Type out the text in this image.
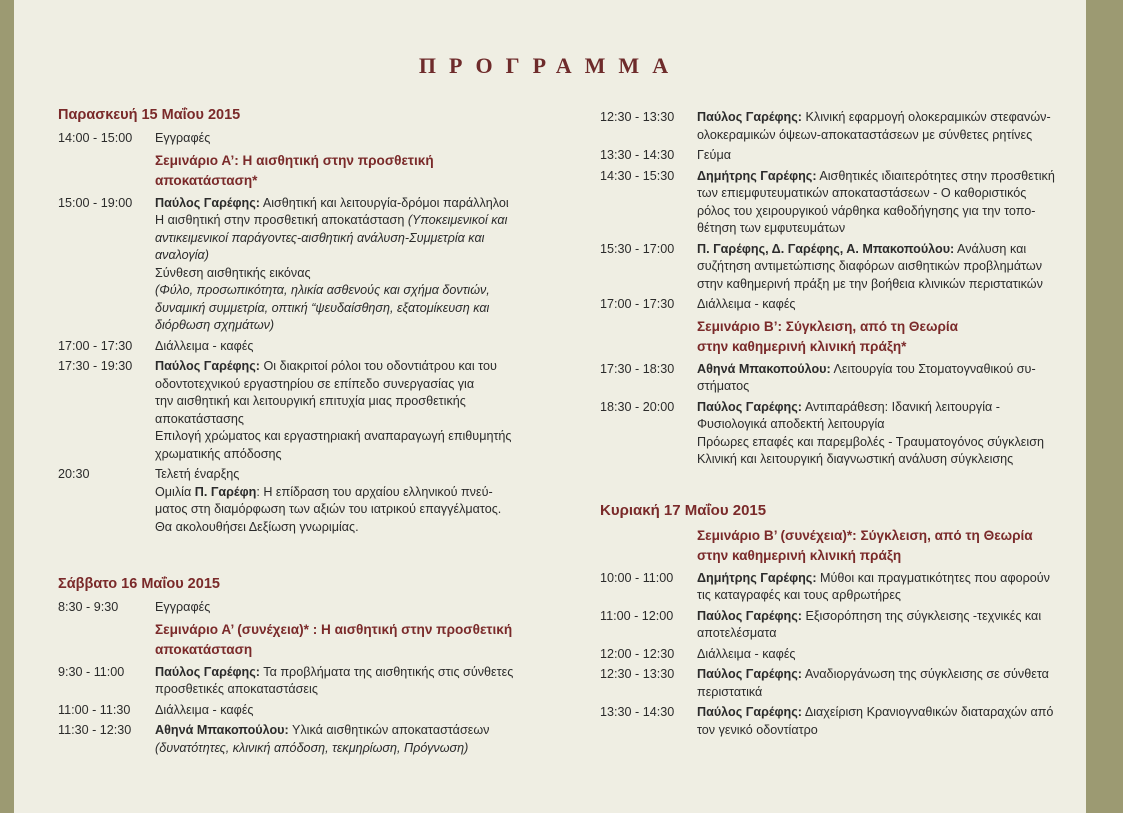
ΠΡΟΓΡΑΜΜΑ
Παρασκευή 15 Μαΐου 2015
14:00 - 15:00	Εγγραφές
Σεμινάριο Α’: Η αισθητική στην προσθετική
αποκατάσταση*
15:00 - 19:00	Παύλος Γαρέφης: Αισθητική και λειτουργία-δρόμοι παράλληλοι
Η αισθητική στην προσθετική αποκατάσταση (Υποκειμενικοί και
αντικειμενικοί παράγοντες-αισθητική ανάλυση-Συμμετρία και
αναλογία)
Σύνθεση αισθητικής εικόνας
(Φύλο, προσωπικότητα, ηλικία ασθενούς και σχήμα δοντιών,
δυναμική συμμετρία, οπτική “ψευδαίσθηση, εξατομίκευση και
διόρθωση σχημάτων)
17:00 - 17:30	Διάλλειμα - καφές
17:30 - 19:30	Παύλος Γαρέφης: Οι διακριτοί ρόλοι του οδοντιάτρου και του
οδοντοτεχνικού εργαστηρίου σε επίπεδο συνεργασίας για
την αισθητική και λειτουργική επιτυχία μιας προσθετικής
αποκατάστασης
Επιλογή χρώματος και εργαστηριακή αναπαραγωγή επιθυμητής
χρωματικής απόδοσης
20:30	Τελετή έναρξης
Ομιλία Π. Γαρέφη: Η επίδραση του αρχαίου ελληνικού πνεύ-
ματος στη διαμόρφωση των αξιών του ιατρικού επαγγέλματος.
Θα ακολουθήσει Δεξίωση γνωριμίας.
Σάββατο 16 Μαΐου 2015
8:30 - 9:30	Εγγραφές
Σεμινάριο Α’ (συνέχεια)* : Η αισθητική στην προσθετική
αποκατάσταση
9:30 - 11:00	Παύλος Γαρέφης: Τα προβλήματα της αισθητικής στις σύνθετες
προσθετικές αποκαταστάσεις
11:00 - 11:30	Διάλλειμα - καφές
11:30 - 12:30	Αθηνά Μπακοπούλου: Υλικά αισθητικών αποκαταστάσεων
(δυνατότητες, κλινική απόδοση, τεκμηρίωση, Πρόγνωση)
12:30 - 13:30	Παύλος Γαρέφης: Κλινική εφαρμογή ολοκεραμικών στεφανών-
ολοκεραμικών όψεων-αποκαταστάσεων με σύνθετες ρητίνες
13:30 - 14:30	Γεύμα
14:30 - 15:30	Δημήτρης Γαρέφης: Αισθητικές ιδιαιτερότητες στην προσθετική
των επιεμφυτευματικών αποκαταστάσεων - Ο καθοριστικός
ρόλος του χειρουργικού νάρθηκα καθοδήγησης για την τοπο-
θέτηση των εμφυτευμάτων
15:30 - 17:00	Π. Γαρέφης, Δ. Γαρέφης, Α. Μπακοπούλου: Ανάλυση και
συζήτηση αντιμετώπισης διαφόρων αισθητικών προβλημάτων
στην καθημερινή πράξη με την βοήθεια κλινικών περιστατικών
17:00 - 17:30	Διάλλειμα - καφές
Σεμινάριο Β’: Σύγκλειση, από τη Θεωρία
στην καθημερινή κλινική πράξη*
17:30 - 18:30	Αθηνά Μπακοπούλου: Λειτουργία του Στοματογναθικού συ-
στήματος
18:30 - 20:00	Παύλος Γαρέφης: Αντιπαράθεση: Ιδανική λειτουργία -
Φυσιολογικά αποδεκτή λειτουργία
Πρόωρες επαφές και παρεμβολές - Τραυματογόνος σύγκλειση
Κλινική και λειτουργική διαγνωστική ανάλυση σύγκλεισης
Κυριακή 17 Μαΐου 2015
Σεμινάριο Β’ (συνέχεια)*: Σύγκλειση, από τη Θεωρία
στην καθημερινή κλινική πράξη
10:00 - 11:00	Δημήτρης Γαρέφης: Μύθοι και πραγματικότητες που αφορούν
τις καταγραφές και τους αρθρωτήρες
11:00 - 12:00	Παύλος Γαρέφης: Εξισορόπηση της σύγκλεισης -τεχνικές και
αποτελέσματα
12:00 - 12:30	Διάλλειμα - καφές
12:30 - 13:30	Παύλος Γαρέφης: Αναδιοργάνωση της σύγκλεισης σε σύνθετα
περιστατικά
13:30 - 14:30	Παύλος Γαρέφης: Διαχείριση Κρανιογναθικών διαταραχών από
τον γενικό οδοντίατρο
